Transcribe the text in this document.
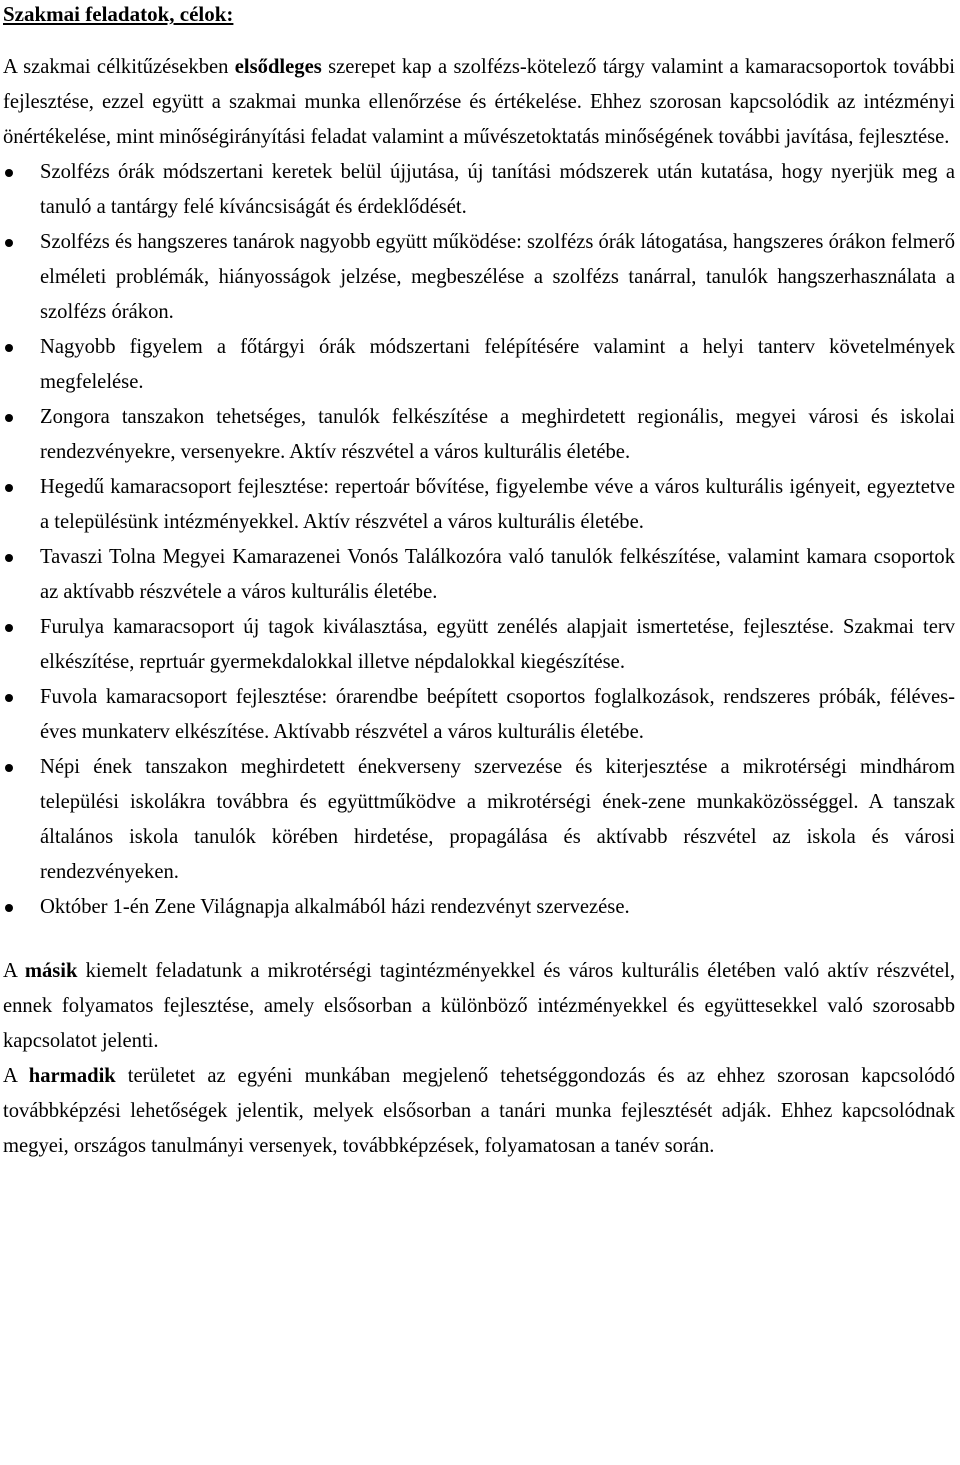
Szakmai feladatok, célok:

A szakmai célkitűzésekben elsődleges szerepet kap a szolfézs-kötelező tárgy valamint a kamaracsoportok további fejlesztése, ezzel együtt a szakmai munka ellenőrzése és értékelése. Ehhez szorosan kapcsolódik az intézményi önértékelése, mint minőségirányítási feladat valamint a művészetoktatás minőségének további javítása, fejlesztése.

Szolfézs órák módszertani keretek belül újjutása, új tanítási módszerek után kutatása, hogy nyerjük meg a tanuló a tantárgy felé kíváncsiságát és érdeklődését.
Szolfézs és hangszeres tanárok nagyobb együtt működése: szolfézs órák látogatása, hangszeres órákon felmerő elméleti problémák, hiányosságok jelzése, megbeszélése a szolfézs tanárral, tanulók hangszerhasználata a szolfézs órákon.
Nagyobb figyelem a főtárgyi órák módszertani felépítésére valamint a helyi tanterv követelmények megfelelése.
Zongora tanszakon tehetséges, tanulók felkészítése a meghirdetett regionális, megyei városi és iskolai rendezvényekre, versenyekre. Aktív részvétel a város kulturális életébe.
Hegedű kamaracsoport fejlesztése: repertoár bővítése, figyelembe véve a város kulturális igényeit, egyeztetve a településünk intézményekkel. Aktív részvétel a város kulturális életébe.
Tavaszi Tolna Megyei Kamarazenei Vonós Találkozóra való tanulók felkészítése, valamint kamara csoportok az aktívabb részvétele a város kulturális életébe.
Furulya kamaracsoport új tagok kiválasztása, együtt zenélés alapjait ismertetése, fejlesztése. Szakmai terv elkészítése, reprtuár gyermekdalokkal illetve népdalokkal kiegészítése.
Fuvola kamaracsoport fejlesztése: órarendbe beépített csoportos foglalkozások, rendszeres próbák, féléves-éves munkaterv elkészítése. Aktívabb részvétel a város kulturális életébe.
Népi ének tanszakon meghirdetett énekverseny szervezése és kiterjesztése a mikrotérségi mindhárom települési iskolákra továbbra és együttműködve a mikrotérségi ének-zene munkaközösséggel. A tanszak általános iskola tanulók körében hirdetése, propagálása és aktívabb részvétel az iskola és városi rendezvényeken.
Október 1-én Zene Világnapja alkalmából házi rendezvényt szervezése.

A másik kiemelt feladatunk a mikrotérségi tagintézményekkel és város kulturális életében való aktív részvétel, ennek folyamatos fejlesztése, amely elsősorban a különböző intézményekkel és együttesekkel való szorosabb kapcsolatot jelenti.

A harmadik területet az egyéni munkában megjelenő tehetséggondozás és az ehhez szorosan kapcsolódó továbbképzési lehetőségek jelentik, melyek elsősorban a tanári munka fejlesztését adják. Ehhez kapcsolódnak megyei, országos tanulmányi versenyek, továbbképzések, folyamatosan a tanév során.
